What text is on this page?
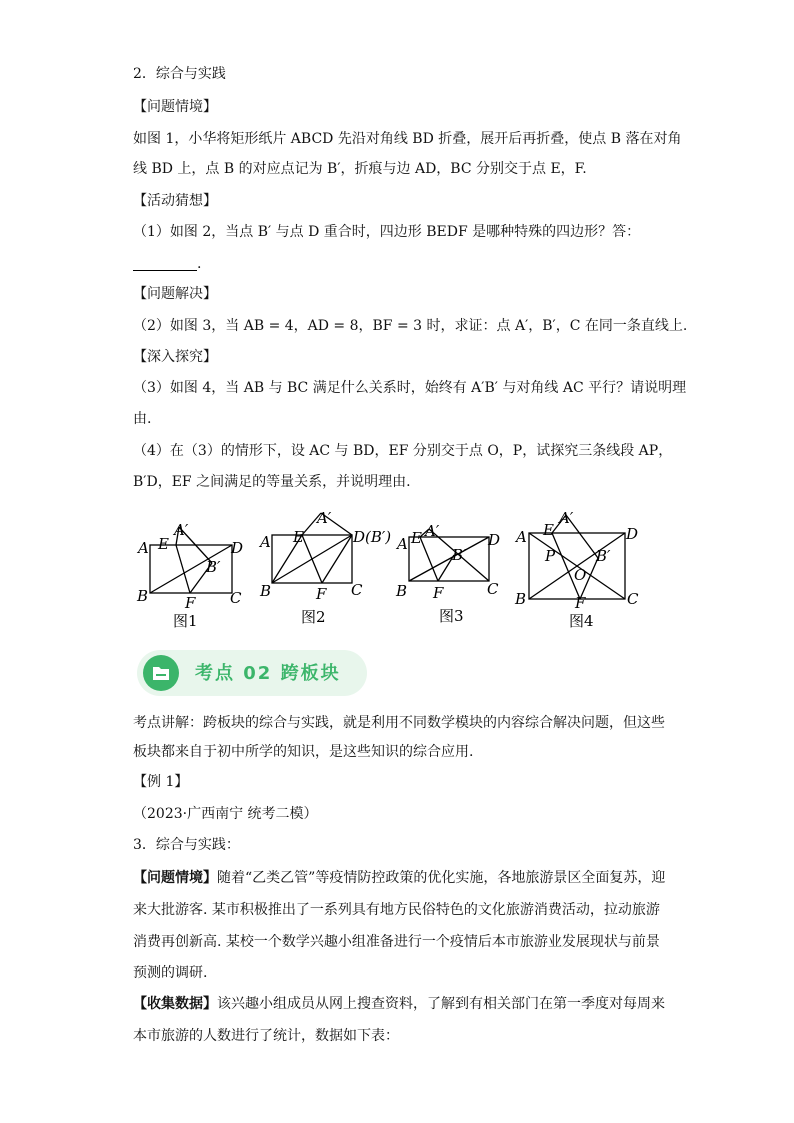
2．综合与实践
【问题情境】
如图 1，小华将矩形纸片 ABCD 先沿对角线 BD 折叠，展开后再折叠，使点 B 落在对角
线 BD 上，点 B 的对应点记为 B′，折痕与边 AD，BC 分别交于点 E，F.
【活动猜想】
（1）如图 2，当点 B′ 与点 D 重合时，四边形 BEDF 是哪种特殊的四边形？答：
.
【问题解决】
（2）如图 3，当 AB = 4，AD = 8，BF = 3 时，求证：点 A′，B′，C 在同一条直线上.
【深入探究】
（3）如图 4，当 AB 与 BC 满足什么关系时，始终有 A′B′ 与对角线 AC 平行？请说明理
由.
（4）在（3）的情形下，设 AC 与 BD，EF 分别交于点 O，P，试探究三条线段 AP，
B′D，EF 之间满足的等量关系，并说明理由.
A
A′
E	D
B′
B F C
A
A′
E	D(B′)
B	F C
A
A′
E	D
B′
B F	C
A
A′
E	D
P	B′
O
B	F	C
图1	图2	图3	图4
考点 02 跨板块
考点讲解：跨板块的综合与实践，就是利用不同数学模块的内容综合解决问题，但这些
板块都来自于初中所学的知识，是这些知识的综合应用.
【例 1】
（2023·广西南宁 统考二模）
3．综合与实践：
【问题情境】随着“乙类乙管”等疫情防控政策的优化实施，各地旅游景区全面复苏，迎
来大批游客. 某市积极推出了一系列具有地方民俗特色的文化旅游消费活动，拉动旅游
消费再创新高. 某校一个数学兴趣小组准备进行一个疫情后本市旅游业发展现状与前景
预测的调研.
【收集数据】该兴趣小组成员从网上搜查资料，了解到有相关部门在第一季度对每周来
本市旅游的人数进行了统计，数据如下表：
